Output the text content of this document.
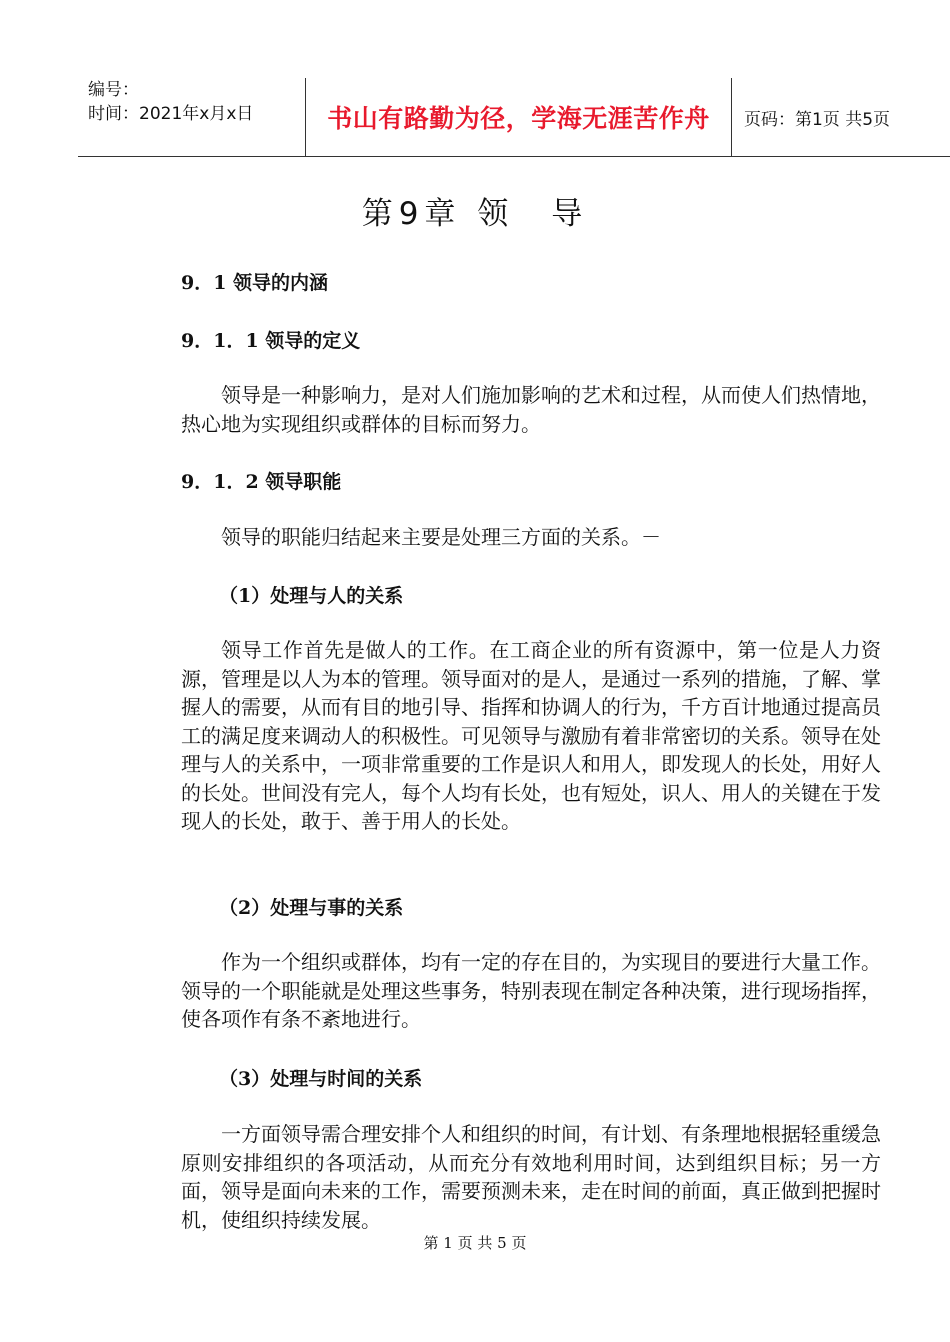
编号：
时间：2021年x月x日	书山有路勤为径，学海无涯苦作舟	页码：第1页 共5页
第9章 领　导
9．1 领导的内涵
9．1．1 领导的定义
领导是一种影响力，是对人们施加影响的艺术和过程，从而使人们热情地，热心地为实现组织或群体的目标而努力。
9．1．2 领导职能
领导的职能归结起来主要是处理三方面的关系。－
（1）处理与人的关系
领导工作首先是做人的工作。在工商企业的所有资源中，第一位是人力资源，管理是以人为本的管理。领导面对的是人，是通过一系列的措施，了解、掌握人的需要，从而有目的地引导、指挥和协调人的行为，千方百计地通过提高员工的满足度来调动人的积极性。可见领导与激励有着非常密切的关系。领导在处理与人的关系中，一项非常重要的工作是识人和用人，即发现人的长处，用好人的长处。世间没有完人，每个人均有长处，也有短处，识人、用人的关键在于发现人的长处，敢于、善于用人的长处。
（2）处理与事的关系
作为一个组织或群体，均有一定的存在目的，为实现目的要进行大量工作。领导的一个职能就是处理这些事务，特别表现在制定各种决策，进行现场指挥，使各项作有条不紊地进行。
（3）处理与时间的关系
一方面领导需合理安排个人和组织的时间，有计划、有条理地根据轻重缓急原则安排组织的各项活动，从而充分有效地利用时间，达到组织目标；另一方面，领导是面向未来的工作，需要预测未来，走在时间的前面，真正做到把握时机，使组织持续发展。
第 1 页 共 5 页
